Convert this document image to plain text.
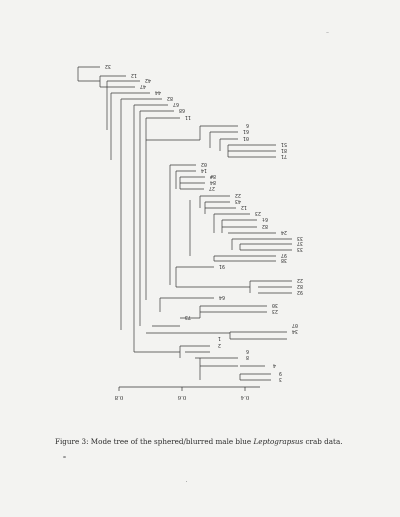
32
12
42
47
44
82
67
68
11
6
61
01
51
81
71
02
14
8#
84
27
22
43
12
23
6t
82
24
33
37
33
97
38
91
22
82
92
64
30
23
73
07
34
1
2
6
8
4
9
3
0.8	0.6	0.4
Figure 3: Mode tree of the sphered/blurred male blue Leptograpsus crab data.
